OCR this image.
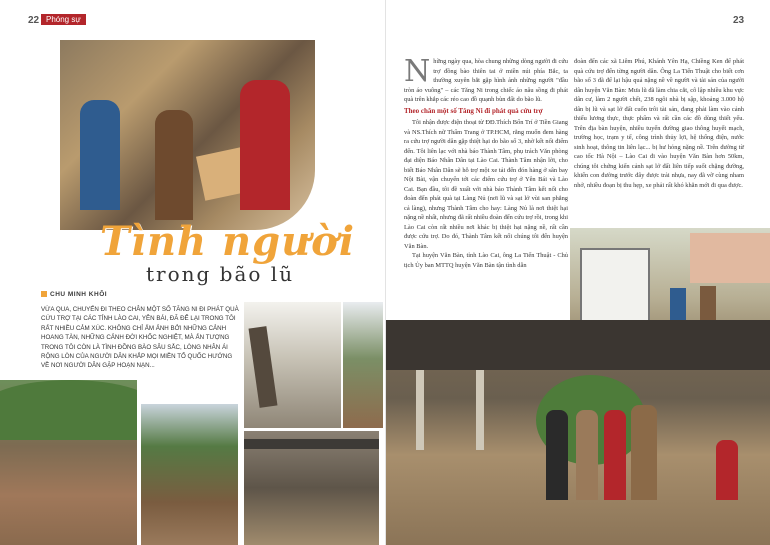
22 Phóng sự	23
Tình người
trong bão lũ
CHU MINH KHÔI
VỪA QUA, CHUYẾN ĐI THEO CHÂN MỘT SỐ TĂNG NI ĐI PHÁT QUÀ CỨU TRỢ TẠI CÁC TỈNH LÀO CAI, YÊN BÁI, ĐÃ ĐỂ LẠI TRONG TÔI RẤT NHIỀU CẢM XÚC. KHÔNG CHỈ ẤM ẢNH BỞI NHỮNG CẢNH HOANG TÀN, NHỮNG CẢNH ĐỜI KHỐC NGHIỆT, MÀ ẤN TƯỢNG TRONG TÔI CÒN LÀ TÌNH ĐỒNG BÀO SÂU SẮC, LÒNG NHÂN ÁI RỘNG LÒN CỦA NGƯỜI DÂN KHẮP MỌI MIỀN TỔ QUỐC HƯỚNG VỀ NƠI NGƯỜI DÂN GẶP HOẠN NẠN...

Những ngày qua, hòa chung những dòng người đi cứu trợ đồng bào thiên tai ở miền núi phía Bắc, ta thường xuyên bắt gặp hình ảnh những người "đầu tròn áo vuông" – các Tăng Ni trong chiếc áo nâu sồng đi phát quà trên khắp các réo cao đồ quạnh bùn đất do bão lũ.

Theo chân một số Tăng Ni đi phát quà cứu trợ

Tôi nhận được điện thoại từ ĐĐ.Thích Bổn Trí ở Tiền Giang và NS.Thích nữ Thẩm Trang ở TP.HCM, rằng muốn đem hàng ra cứu trợ người dân gặp thiệt hại do bão số 3, nhờ kết nối điểm đến. Tôi liên lạc với nhà báo Thành Tâm, phụ trách Văn phòng đại diện Báo Nhân Dân tại Lào Cai. Thành Tâm nhận lời, cho biết Báo Nhân Dân sẽ hỗ trợ một xe tải đến đón hàng ở sân bay Nội Bài, vận chuyển tới các điểm cứu trợ ở Yên Bái và Lào Cai. Bạn đầu, tôi đề xuất với nhà báo Thành Tâm kết nối cho đoàn đến phát quà tại Làng Nủ (nơi lũ và sạt lở vùi san phẳng cả làng), nhưng Thành Tâm cho hay: Làng Nủ là nơi thiệt hại nặng nề nhất, nhưng đã rất nhiều đoàn đến cứu trợ rồi, trong khi Lào Cai còn rất nhiều nơi khác bị thiệt hại nặng nề, rất cần được cứu trợ. Do đó, Thành Tâm kết nối chúng tôi đến huyện Văn Bàn.

Tại huyện Văn Bàn, tỉnh Lào Cai, ông La Tiến Thuật - Chủ tịch Ủy ban MTTQ huyện Văn Bàn tận tình dẫn

đoàn đến các xã Liêm Phú, Khánh Yên Hạ, Chiềng Ken để phát quà cứu trợ đến từng người dân. Ông La Tiến Thuật cho biết cơn bão số 3 đã để lại hậu quả nặng nề về người và tài sản của người dân huyện Văn Bàn: Mưa lũ đã làm chia cắt, cô lập nhiều khu vực dân cư, làm 2 người chết, 238 ngôi nhà bị sập, khoảng 3.000 hộ dân bị lũ và sạt lở đất cuốn trôi tài sản, đang phải làm vào cảnh thiếu lương thực, thực phẩm và rất cần các đồ dùng thiết yếu. Trên địa bàn huyện, nhiều tuyến đường giao thông huyết mạch, trường học, trạm y tế, công trình thủy lợi, hệ thống điện, nước sinh hoạt, thông tin liên lạc... bị hư hỏng nặng nề. Trên đường từ cao tốc Hà Nội – Lào Cai đi vào huyện Văn Bàn hơn 50km, chúng tôi chứng kiến cảnh sạt lở đất liên tiếp suốt chặng đường, khiến con đường trước đây được trải nhựa, nay đã vỡ cùng nham nhở, nhiều đoạn bị thu hẹp, xe phải rất khó khăn mới đi qua được.
